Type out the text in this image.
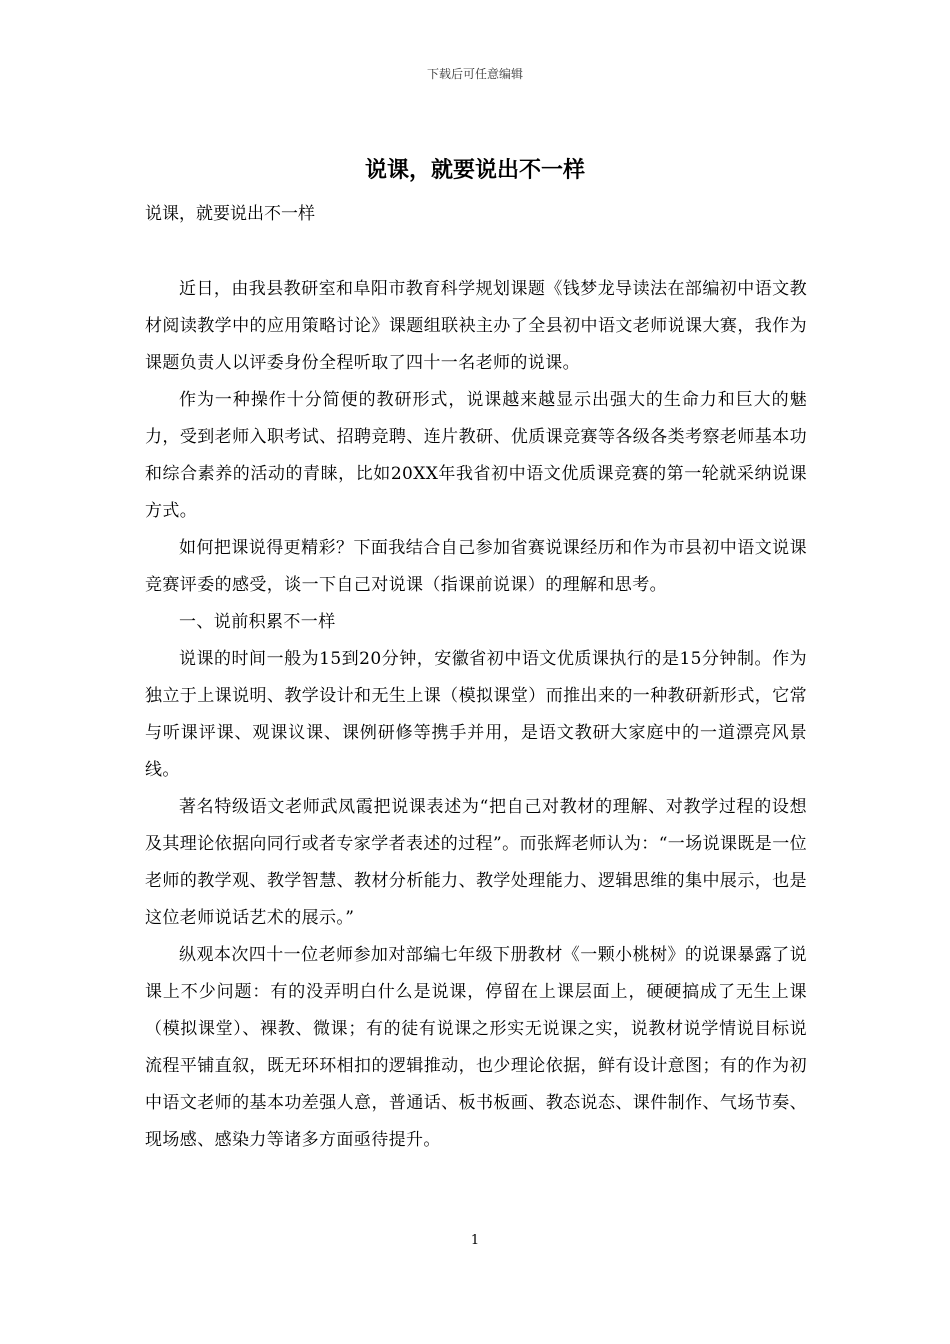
下载后可任意编辑
说课，就要说出不一样

说课，就要说出不一样

近日，由我县教研室和阜阳市教育科学规划课题《钱梦龙导读法在部编初中语文教材阅读教学中的应用策略讨论》课题组联袂主办了全县初中语文老师说课大赛，我作为课题负责人以评委身份全程听取了四十一名老师的说课。

作为一种操作十分简便的教研形式，说课越来越显示出强大的生命力和巨大的魅力，受到老师入职考试、招聘竞聘、连片教研、优质课竞赛等各级各类考察老师基本功和综合素养的活动的青睐，比如20XX年我省初中语文优质课竞赛的第一轮就采纳说课方式。

如何把课说得更精彩？下面我结合自己参加省赛说课经历和作为市县初中语文说课竞赛评委的感受，谈一下自己对说课（指课前说课）的理解和思考。

一、说前积累不一样

说课的时间一般为15到20分钟，安徽省初中语文优质课执行的是15分钟制。作为独立于上课说明、教学设计和无生上课（模拟课堂）而推出来的一种教研新形式，它常与听课评课、观课议课、课例研修等携手并用，是语文教研大家庭中的一道漂亮风景线。

著名特级语文老师武凤霞把说课表述为“把自己对教材的理解、对教学过程的设想及其理论依据向同行或者专家学者表述的过程”。而张辉老师认为：“一场说课既是一位老师的教学观、教学智慧、教材分析能力、教学处理能力、逻辑思维的集中展示，也是这位老师说话艺术的展示。”

纵观本次四十一位老师参加对部编七年级下册教材《一颗小桃树》的说课暴露了说课上不少问题：有的没弄明白什么是说课，停留在上课层面上，硬硬搞成了无生上课（模拟课堂）、裸教、微课；有的徒有说课之形实无说课之实，说教材说学情说目标说流程平铺直叙，既无环环相扣的逻辑推动，也少理论依据，鲜有设计意图；有的作为初中语文老师的基本功差强人意，普通话、板书板画、教态说态、课件制作、气场节奏、现场感、感染力等诸多方面亟待提升。

1
